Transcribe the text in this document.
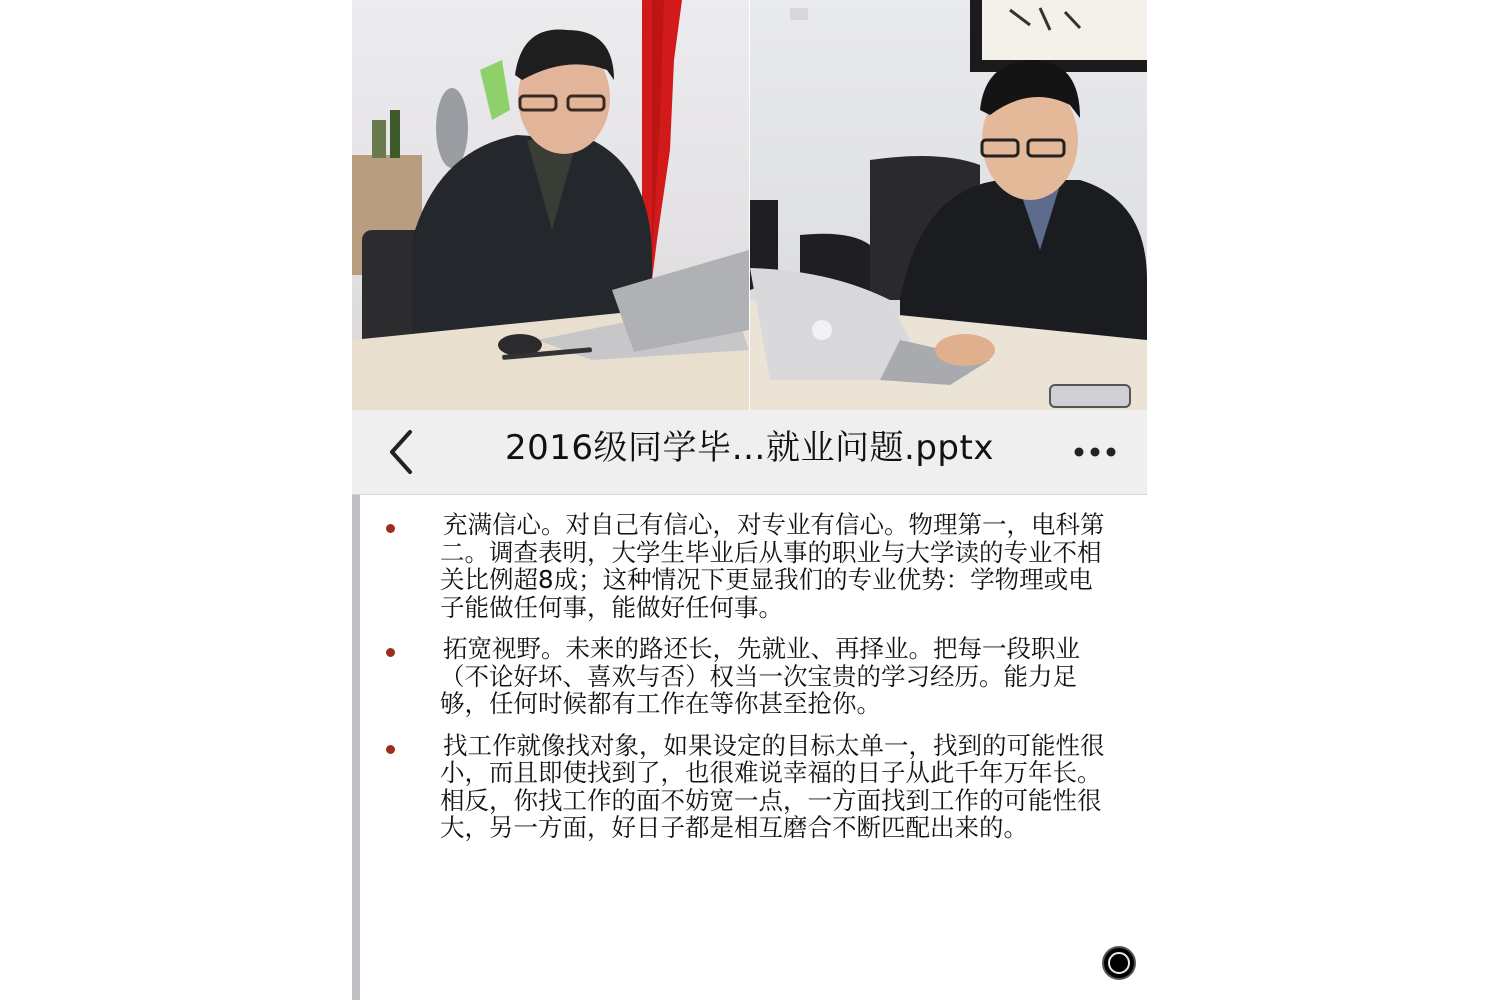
2016级同学毕…就业问题.pptx
充满信心。对自己有信心，对专业有信心。物理第一，电科第二。调查表明，大学生毕业后从事的职业与大学读的专业不相关比例超8成；这种情况下更显我们的专业优势：学物理或电子能做任何事，能做好任何事。
拓宽视野。未来的路还长，先就业、再择业。把每一段职业（不论好坏、喜欢与否）权当一次宝贵的学习经历。能力足够，任何时候都有工作在等你甚至抢你。
找工作就像找对象，如果设定的目标太单一，找到的可能性很小，而且即使找到了，也很难说幸福的日子从此千年万年长。相反，你找工作的面不妨宽一点，一方面找到工作的可能性很大，另一方面，好日子都是相互磨合不断匹配出来的。
